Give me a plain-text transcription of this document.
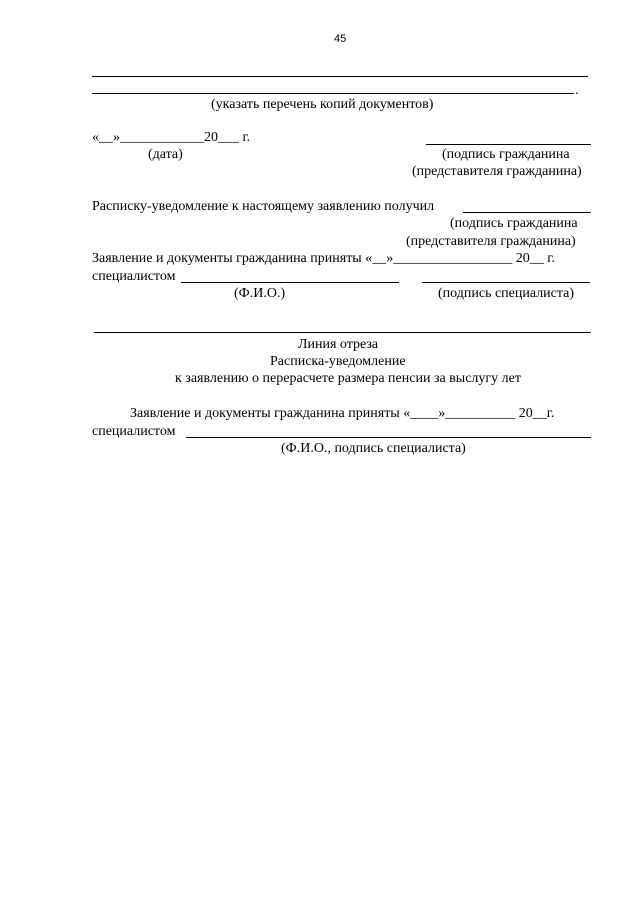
45
.
(указать перечень копий документов)
«__»____________20___ г.
(дата)	(подпись гражданина
(представителя гражданина)
Расписку-уведомление к настоящему заявлению получил
(подпись гражданина
(представителя гражданина)
Заявление и документы гражданина приняты «__»_________________ 20__ г.
специалистом
(Ф.И.О.)	(подпись специалиста)
Линия отреза
Расписка-уведомление
к заявлению о перерасчете размера пенсии за выслугу лет
Заявление и документы гражданина приняты «____»__________ 20__г.
специалистом
(Ф.И.О., подпись специалиста)
